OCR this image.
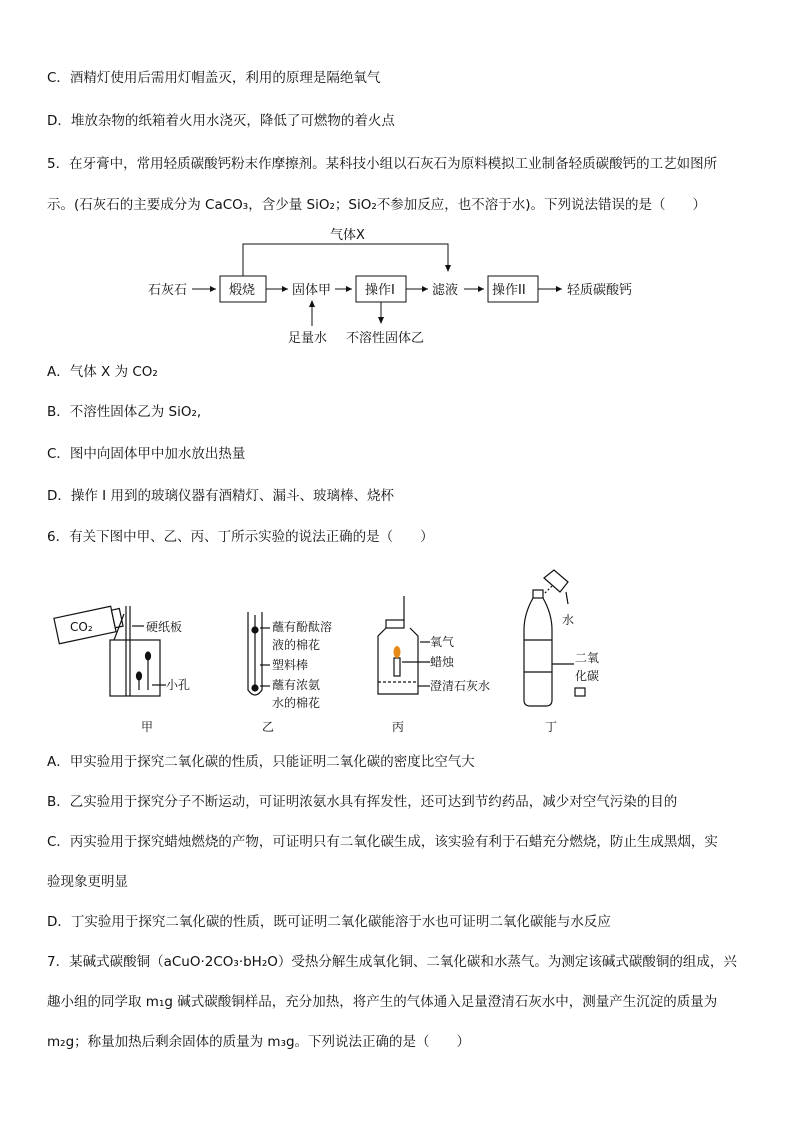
C．酒精灯使用后需用灯帽盖灭，利用的原理是隔绝氧气
D．堆放杂物的纸箱着火用水浇灭，降低了可燃物的着火点
5．在牙膏中，常用轻质碳酸钙粉末作摩擦剂。某科技小组以石灰石为原料模拟工业制备轻质碳酸钙的工艺如图所
示。(石灰石的主要成分为 CaCO₃，含少量 SiO₂；SiO₂不参加反应，也不溶于水)。下列说法错误的是（　　）
气体X
石灰石	煅烧	固体甲	操作I	滤液	操作II	轻质碳酸钙
足量水 不溶性固体乙
A．气体 X 为 CO₂
B．不溶性固体乙为 SiO₂,
C．图中向固体甲中加水放出热量
D．操作 I 用到的玻璃仪器有酒精灯、漏斗、玻璃棒、烧杯
6．有关下图中甲、乙、丙、丁所示实验的说法正确的是（　　）
CO₂	硬纸板
小孔
甲
蘸有酚酞溶
液的棉花
塑料棒
蘸有浓氨
水的棉花
乙
氧气
蜡烛
澄清石灰水
丙
水
二氧
化碳
丁
A．甲实验用于探究二氧化碳的性质，只能证明二氧化碳的密度比空气大
B．乙实验用于探究分子不断运动，可证明浓氨水具有挥发性，还可达到节约药品，减少对空气污染的目的
C．丙实验用于探究蜡烛燃烧的产物，可证明只有二氧化碳生成，该实验有利于石蜡充分燃烧，防止生成黑烟，实
验现象更明显
D．丁实验用于探究二氧化碳的性质，既可证明二氧化碳能溶于水也可证明二氧化碳能与水反应
7．某碱式碳酸铜（aCuO·2CO₃·bH₂O）受热分解生成氧化铜、二氧化碳和水蒸气。为测定该碱式碳酸铜的组成，兴
趣小组的同学取 m₁g 碱式碳酸铜样品，充分加热，将产生的气体通入足量澄清石灰水中，测量产生沉淀的质量为
m₂g；称量加热后剩余固体的质量为 m₃g。下列说法正确的是（　　）
